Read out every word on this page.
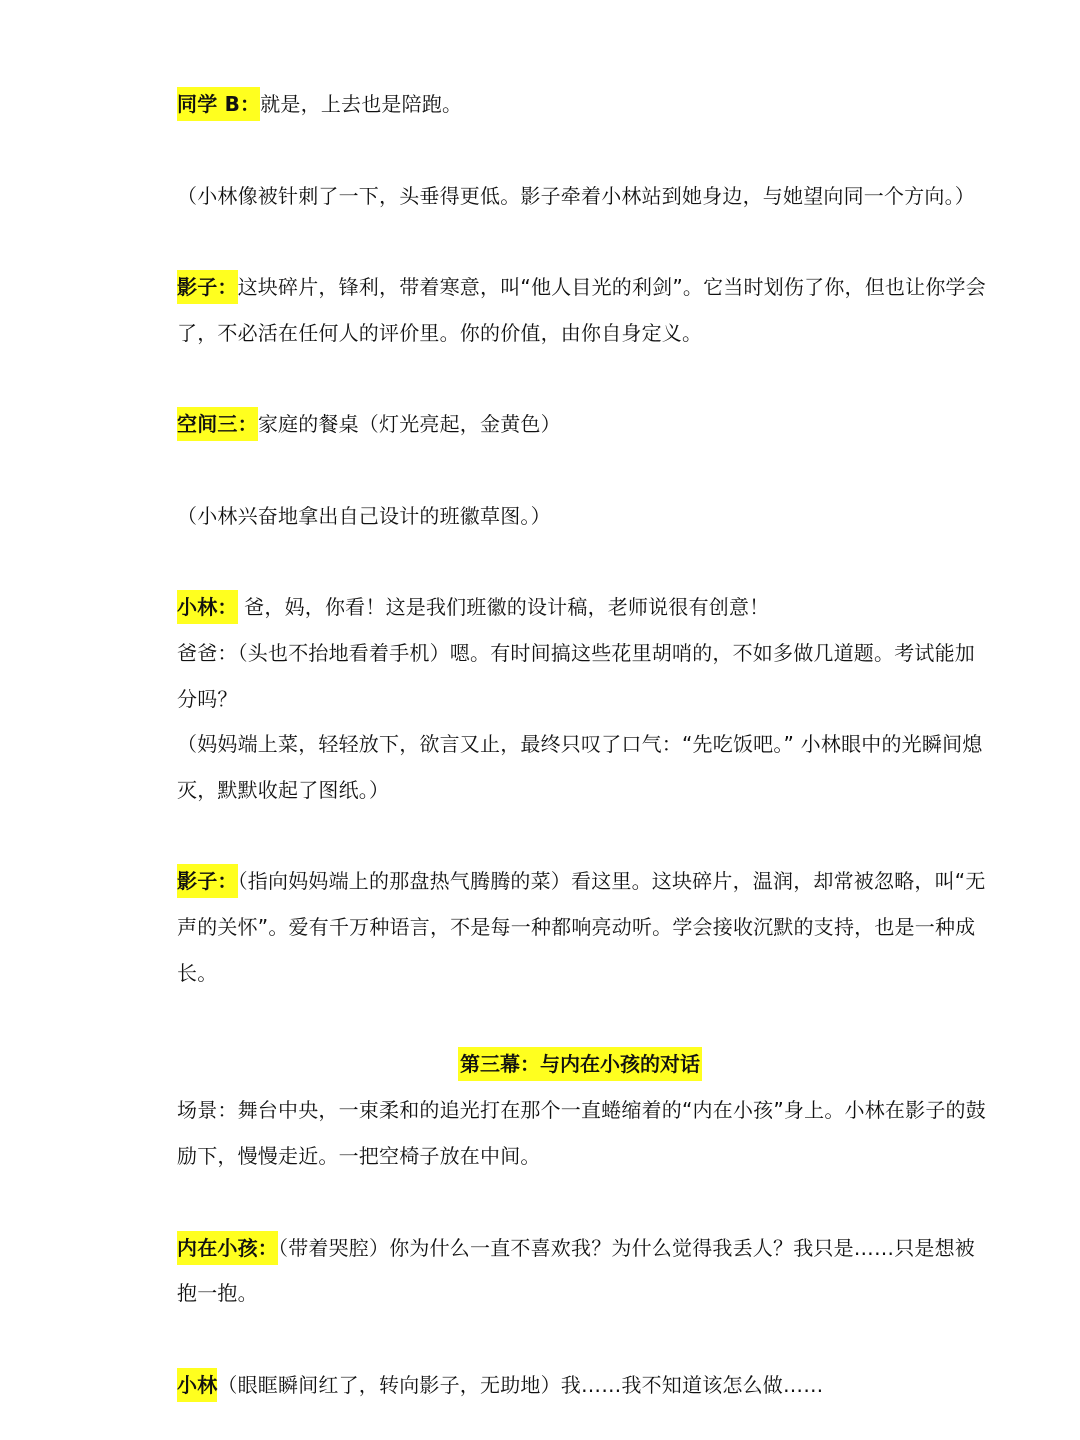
同学 B：就是，上去也是陪跑。
（小林像被针刺了一下，头垂得更低。影子牵着小林站到她身边，与她望向同一个方向。）
影子：这块碎片，锋利，带着寒意，叫“他人目光的利剑”。它当时划伤了你，但也让你学会
了，不必活在任何人的评价里。你的价值，由你自身定义。
空间三：家庭的餐桌（灯光亮起，金黄色）
（小林兴奋地拿出自己设计的班徽草图。）
小林： 爸，妈，你看！这是我们班徽的设计稿，老师说很有创意！
爸爸：（头也不抬地看着手机）嗯。有时间搞这些花里胡哨的，不如多做几道题。考试能加
分吗？
（妈妈端上菜，轻轻放下，欲言又止，最终只叹了口气：“先吃饭吧。” 小林眼中的光瞬间熄
灭，默默收起了图纸。）
影子：（指向妈妈端上的那盘热气腾腾的菜）看这里。这块碎片，温润，却常被忽略，叫“无
声的关怀”。爱有千万种语言，不是每一种都响亮动听。学会接收沉默的支持，也是一种成
长。
第三幕：与内在小孩的对话
场景：舞台中央，一束柔和的追光打在那个一直蜷缩着的“内在小孩”身上。小林在影子的鼓
励下，慢慢走近。一把空椅子放在中间。
内在小孩：（带着哭腔）你为什么一直不喜欢我？为什么觉得我丢人？我只是……只是想被
抱一抱。
小林（眼眶瞬间红了，转向影子，无助地）我……我不知道该怎么做……
